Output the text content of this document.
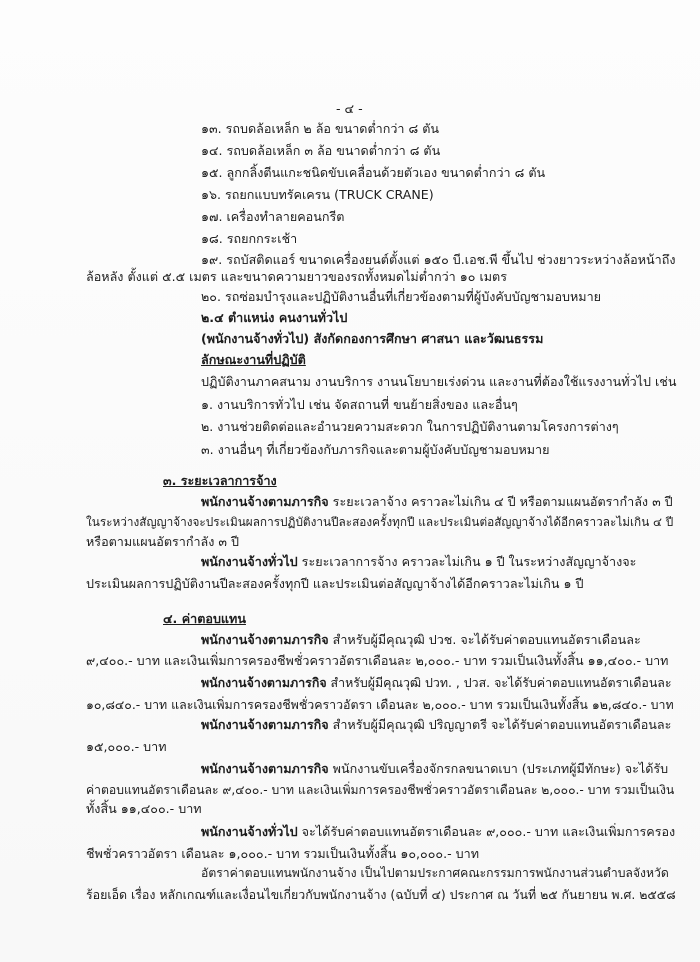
- ๔ -
๑๓. รถบดล้อเหล็ก ๒ ล้อ ขนาดต่ำกว่า ๘ ตัน
๑๔. รถบดล้อเหล็ก ๓ ล้อ ขนาดต่ำกว่า ๘ ตัน
๑๕. ลูกกลิ้งตีนแกะชนิดขับเคลื่อนด้วยตัวเอง ขนาดต่ำกว่า ๘ ตัน
๑๖. รถยกแบบทรัคเครน (TRUCK CRANE)
๑๗. เครื่องทำลายคอนกรีต
๑๘. รถยกกระเช้า
๑๙. รถบัสติดแอร์ ขนาดเครื่องยนต์ตั้งแต่ ๑๕๐ บี.เอช.พี ขึ้นไป ช่วงยาวระหว่างล้อหน้าถึง
ล้อหลัง ตั้งแต่ ๕.๕ เมตร และขนาดความยาวของรถทั้งหมดไม่ต่ำกว่า ๑๐ เมตร
๒๐. รถซ่อมบำรุงและปฏิบัติงานอื่นที่เกี่ยวข้องตามที่ผู้บังคับบัญชามอบหมาย
๒.๔ ตำแหน่ง คนงานทั่วไป
(พนักงานจ้างทั่วไป) สังกัดกองการศึกษา ศาสนา และวัฒนธรรม
ลักษณะงานที่ปฏิบัติ
ปฏิบัติงานภาคสนาม งานบริการ งานนโยบายเร่งด่วน และงานที่ต้องใช้แรงงานทั่วไป เช่น
๑. งานบริการทั่วไป เช่น จัดสถานที่ ขนย้ายสิ่งของ และอื่นๆ
๒. งานช่วยติดต่อและอำนวยความสะดวก ในการปฏิบัติงานตามโครงการต่างๆ
๓. งานอื่นๆ ที่เกี่ยวข้องกับภารกิจและตามผู้บังคับบัญชามอบหมาย
๓. ระยะเวลาการจ้าง
พนักงานจ้างตามภารกิจ ระยะเวลาจ้าง คราวละไม่เกิน ๔ ปี หรือตามแผนอัตรากำลัง ๓ ปี
ในระหว่างสัญญาจ้างจะประเมินผลการปฏิบัติงานปีละสองครั้งทุกปี และประเมินต่อสัญญาจ้างได้อีกคราวละไม่เกิน ๔ ปี
หรือตามแผนอัตรากำลัง ๓ ปี
พนักงานจ้างทั่วไป ระยะเวลาการจ้าง คราวละไม่เกิน ๑ ปี ในระหว่างสัญญาจ้างจะ
ประเมินผลการปฏิบัติงานปีละสองครั้งทุกปี และประเมินต่อสัญญาจ้างได้อีกคราวละไม่เกิน ๑ ปี
๔. ค่าตอบแทน
พนักงานจ้างตามภารกิจ สำหรับผู้มีคุณวุฒิ ปวช. จะได้รับค่าตอบแทนอัตราเดือนละ
๙,๔๐๐.- บาท และเงินเพิ่มการครองชีพชั่วคราวอัตราเดือนละ ๒,๐๐๐.- บาท รวมเป็นเงินทั้งสิ้น ๑๑,๔๐๐.- บาท
พนักงานจ้างตามภารกิจ สำหรับผู้มีคุณวุฒิ ปวท. , ปวส. จะได้รับค่าตอบแทนอัตราเดือนละ
๑๐,๘๔๐.- บาท และเงินเพิ่มการครองชีพชั่วคราวอัตรา เดือนละ ๒,๐๐๐.- บาท รวมเป็นเงินทั้งสิ้น ๑๒,๘๔๐.- บาท
พนักงานจ้างตามภารกิจ สำหรับผู้มีคุณวุฒิ ปริญญาตรี จะได้รับค่าตอบแทนอัตราเดือนละ
๑๕,๐๐๐.- บาท
พนักงานจ้างตามภารกิจ พนักงานขับเครื่องจักรกลขนาดเบา (ประเภทผู้มีทักษะ) จะได้รับ
ค่าตอบแทนอัตราเดือนละ ๙,๔๐๐.- บาท และเงินเพิ่มการครองชีพชั่วคราวอัตราเดือนละ ๒,๐๐๐.- บาท รวมเป็นเงิน
ทั้งสิ้น ๑๑,๔๐๐.- บาท
พนักงานจ้างทั่วไป จะได้รับค่าตอบแทนอัตราเดือนละ ๙,๐๐๐.- บาท และเงินเพิ่มการครอง
ชีพชั่วคราวอัตรา เดือนละ ๑,๐๐๐.- บาท รวมเป็นเงินทั้งสิ้น ๑๐,๐๐๐.- บาท
อัตราค่าตอบแทนพนักงานจ้าง เป็นไปตามประกาศคณะกรรมการพนักงานส่วนตำบลจังหวัด
ร้อยเอ็ด เรื่อง หลักเกณฑ์และเงื่อนไขเกี่ยวกับพนักงานจ้าง (ฉบับที่ ๔) ประกาศ ณ วันที่ ๒๕ กันยายน พ.ศ. ๒๕๕๘
